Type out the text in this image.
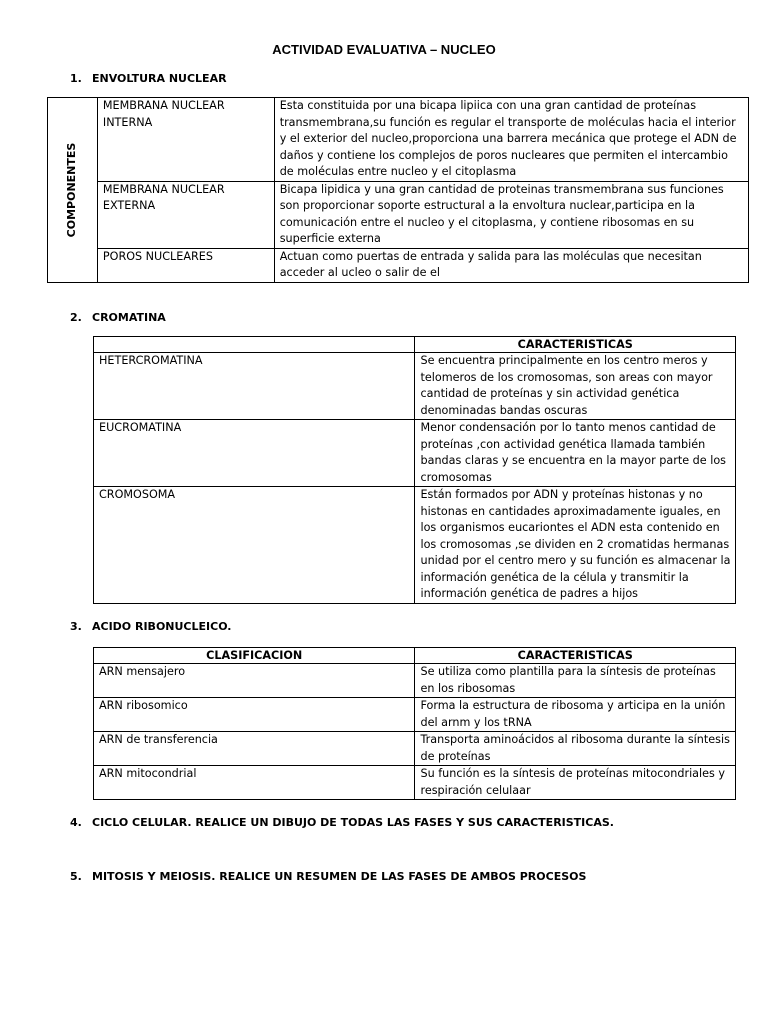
ACTIVIDAD EVALUATIVA – NUCLEO
1. ENVOLTURA NUCLEAR
COMPONENTES	MEMBRANA NUCLEAR INTERNA	Esta constituida por una bicapa lipiica con una gran cantidad de proteínas transmembrana,su función es regular el transporte de moléculas hacia el interior y el exterior del nucleo,proporciona una barrera mecánica que protege el ADN de daños y contiene los complejos de poros nucleares que permiten el intercambio de moléculas entre nucleo y el citoplasma
	MEMBRANA NUCLEAR EXTERNA	Bicapa lipidica y una gran cantidad de proteinas transmembrana sus funciones son proporcionar soporte estructural a la envoltura nuclear,participa en la comunicación entre el nucleo y el citoplasma, y contiene ribosomas en su superficie externa
	POROS NUCLEARES	Actuan como puertas de entrada y salida para las moléculas que necesitan acceder al ucleo o salir de el
2. CROMATINA
	CARACTERISTICAS
HETERCROMATINA	Se encuentra principalmente en los centro meros y telomeros de los cromosomas, son areas con mayor cantidad de proteínas y sin actividad genética denominadas bandas oscuras
EUCROMATINA	Menor condensación por lo tanto menos cantidad de proteínas ,con actividad genética llamada también bandas claras y se encuentra en la mayor parte de los cromosomas
CROMOSOMA	Están formados por ADN y proteínas histonas y no histonas en cantidades aproximadamente iguales, en los organismos eucariontes el ADN esta contenido en los cromosomas ,se dividen en 2 cromatidas hermanas unidad por el centro mero y su función es almacenar la información genética de la célula y transmitir la información genética de padres a hijos
3. ACIDO RIBONUCLEICO.
CLASIFICACION	CARACTERISTICAS
ARN mensajero	Se utiliza como plantilla para la síntesis de proteínas en los ribosomas
ARN ribosomico	Forma la estructura de ribosoma y articipa en la unión del arnm y los tRNA
ARN de transferencia	Transporta aminoácidos al ribosoma durante la síntesis de proteínas
ARN mitocondrial	Su función es la síntesis de proteínas mitocondriales y respiración celulaar
4. CICLO CELULAR. REALICE UN DIBUJO DE TODAS LAS FASES Y SUS CARACTERISTICAS.
5. MITOSIS Y MEIOSIS. REALICE UN RESUMEN DE LAS FASES DE AMBOS PROCESOS
